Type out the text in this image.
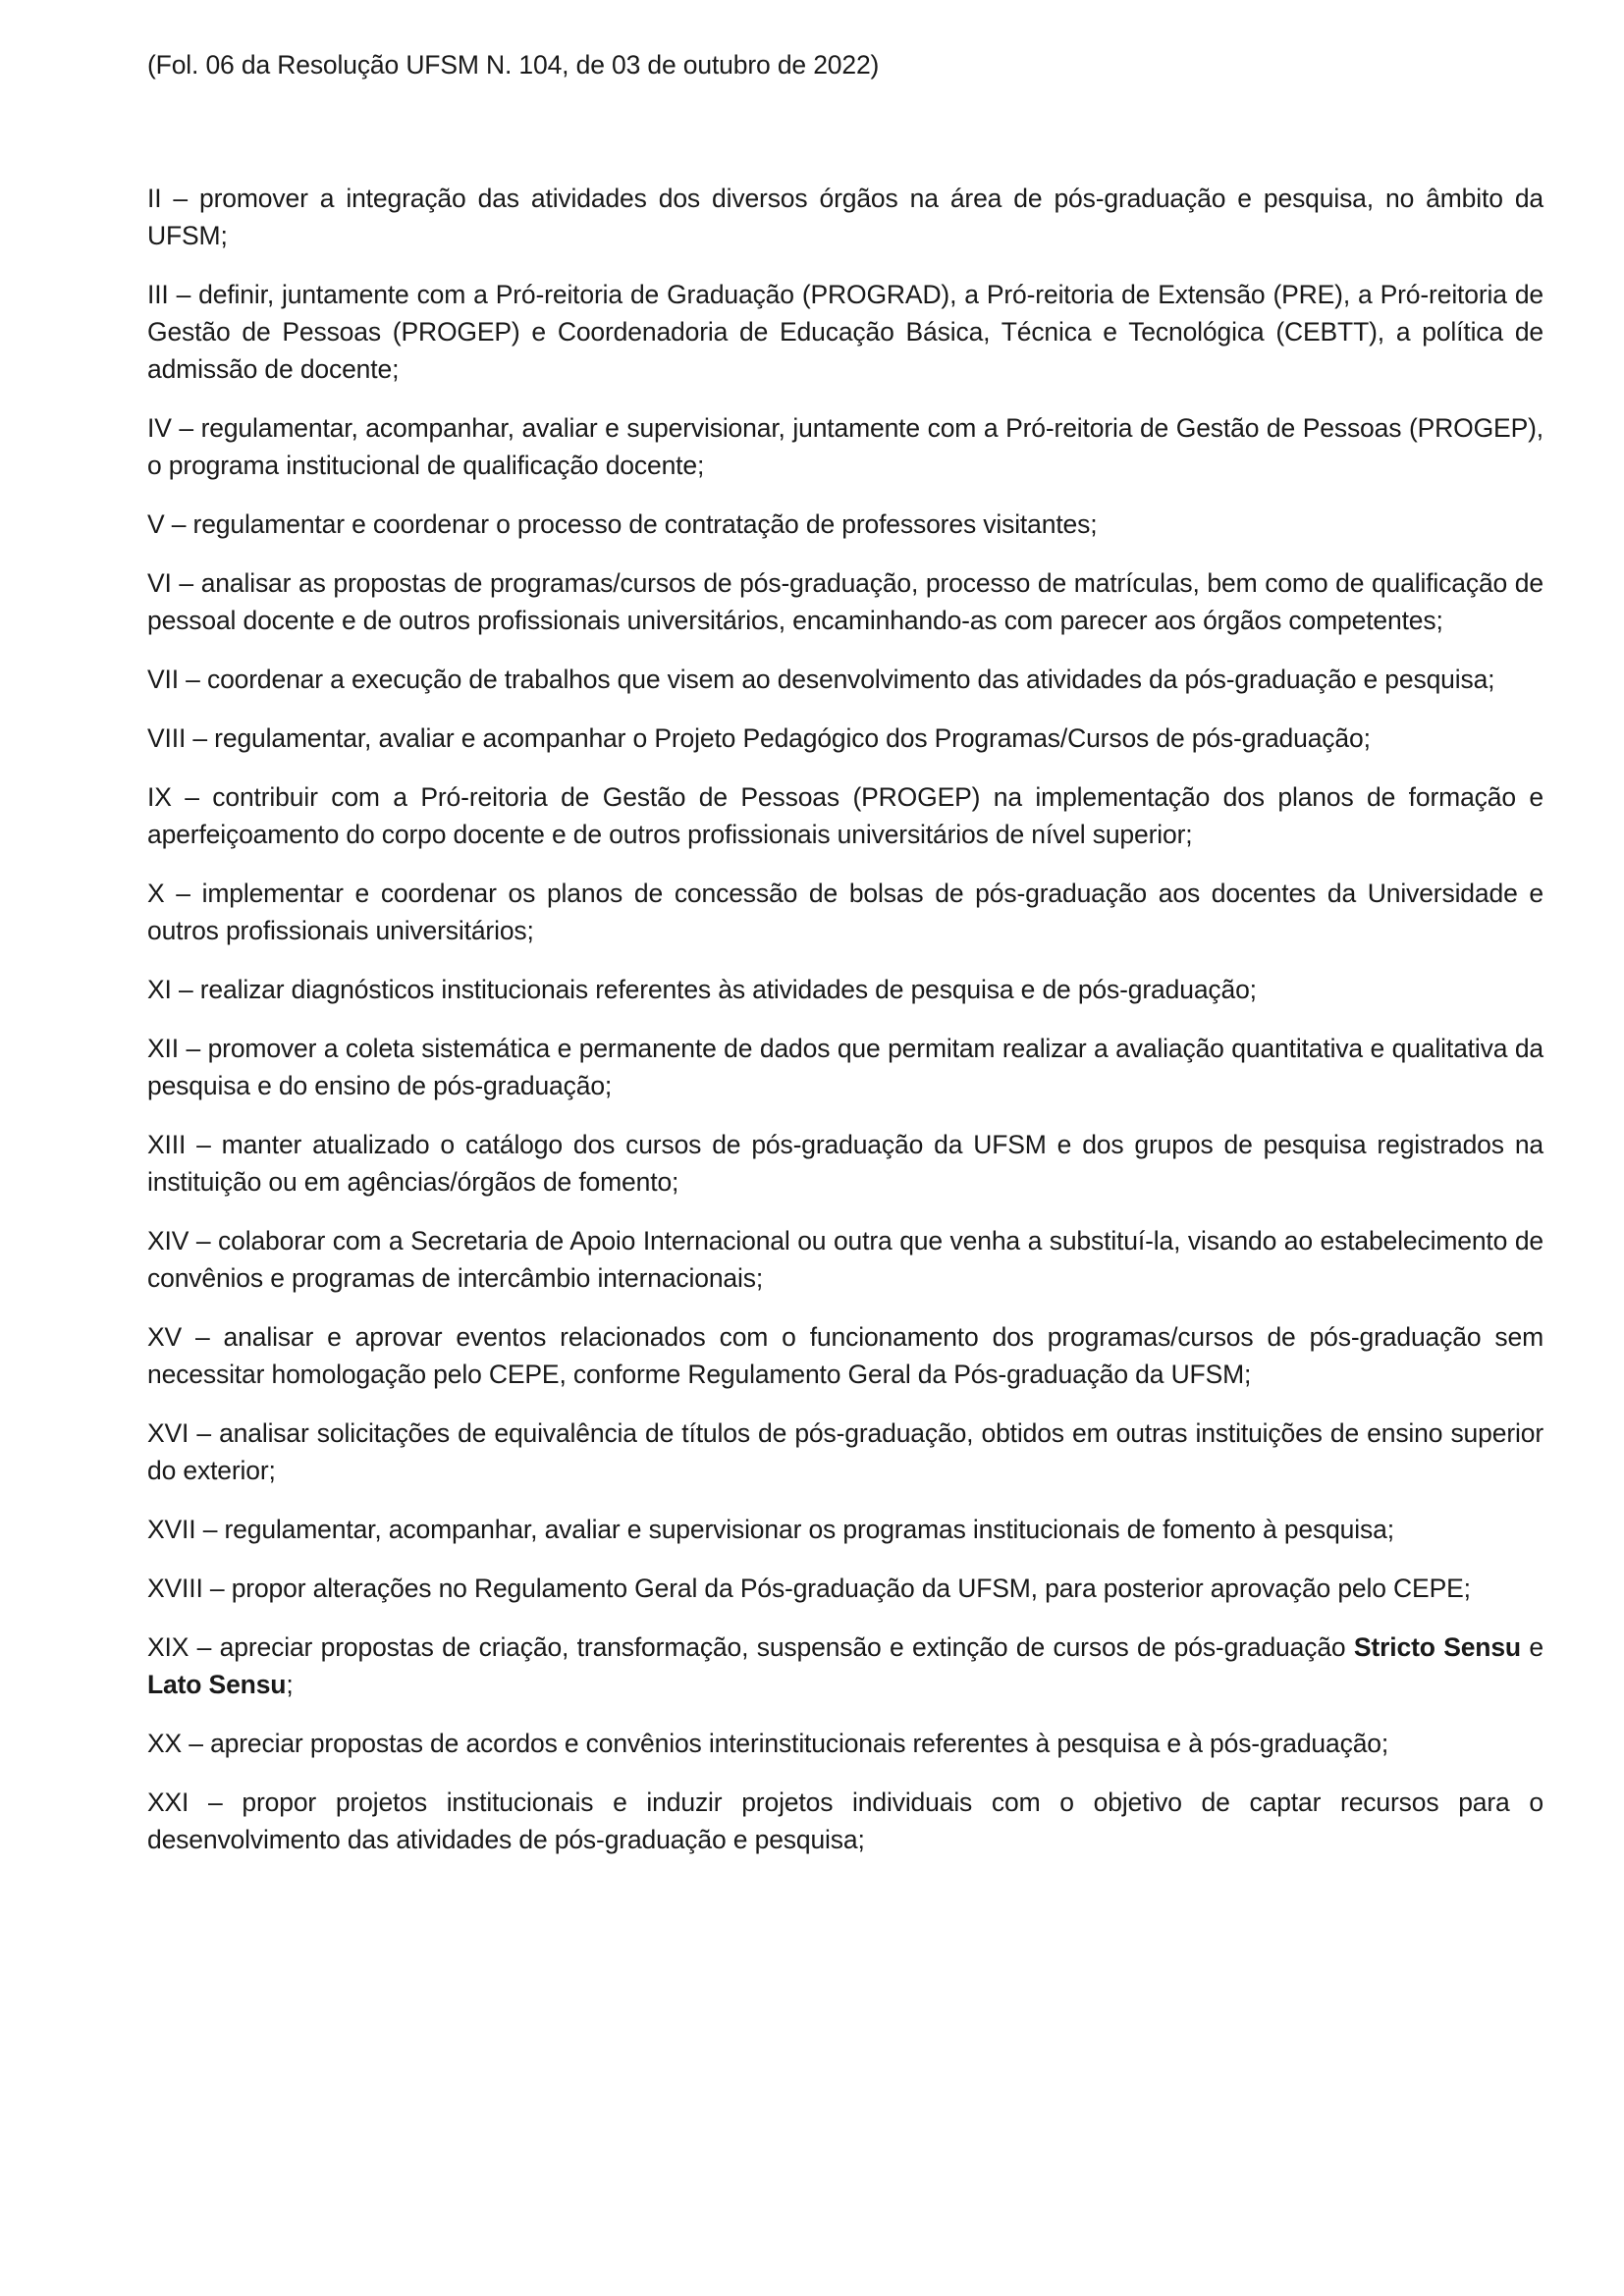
(Fol. 06 da Resolução UFSM N. 104, de 03 de outubro de 2022)

II – promover a integração das atividades dos diversos órgãos na área de pós-graduação e pesquisa, no âmbito da UFSM;

III – definir, juntamente com a Pró-reitoria de Graduação (PROGRAD), a Pró-reitoria de Extensão (PRE), a Pró-reitoria de Gestão de Pessoas (PROGEP) e Coordenadoria de Educação Básica, Técnica e Tecnológica (CEBTT), a política de admissão de docente;

IV – regulamentar, acompanhar, avaliar e supervisionar, juntamente com a Pró-reitoria de Gestão de Pessoas (PROGEP), o programa institucional de qualificação docente;

V – regulamentar e coordenar o processo de contratação de professores visitantes;

VI – analisar as propostas de programas/cursos de pós-graduação, processo de matrículas, bem como de qualificação de pessoal docente e de outros profissionais universitários, encaminhando-as com parecer aos órgãos competentes;

VII – coordenar a execução de trabalhos que visem ao desenvolvimento das atividades da pós-graduação e pesquisa;

VIII – regulamentar, avaliar e acompanhar o Projeto Pedagógico dos Programas/Cursos de pós-graduação;

IX – contribuir com a Pró-reitoria de Gestão de Pessoas (PROGEP) na implementação dos planos de formação e aperfeiçoamento do corpo docente e de outros profissionais universitários de nível superior;

X – implementar e coordenar os planos de concessão de bolsas de pós-graduação aos docentes da Universidade e outros profissionais universitários;

XI – realizar diagnósticos institucionais referentes às atividades de pesquisa e de pós-graduação;

XII – promover a coleta sistemática e permanente de dados que permitam realizar a avaliação quantitativa e qualitativa da pesquisa e do ensino de pós-graduação;

XIII – manter atualizado o catálogo dos cursos de pós-graduação da UFSM e dos grupos de pesquisa registrados na instituição ou em agências/órgãos de fomento;

XIV – colaborar com a Secretaria de Apoio Internacional ou outra que venha a substituí-la, visando ao estabelecimento de convênios e programas de intercâmbio internacionais;

XV – analisar e aprovar eventos relacionados com o funcionamento dos programas/cursos de pós-graduação sem necessitar homologação pelo CEPE, conforme Regulamento Geral da Pós-graduação da UFSM;

XVI – analisar solicitações de equivalência de títulos de pós-graduação, obtidos em outras instituições de ensino superior do exterior;

XVII – regulamentar, acompanhar, avaliar e supervisionar os programas institucionais de fomento à pesquisa;

XVIII – propor alterações no Regulamento Geral da Pós-graduação da UFSM, para posterior aprovação pelo CEPE;

XIX – apreciar propostas de criação, transformação, suspensão e extinção de cursos de pós-graduação Stricto Sensu e Lato Sensu;

XX – apreciar propostas de acordos e convênios interinstitucionais referentes à pesquisa e à pós-graduação;

XXI – propor projetos institucionais e induzir projetos individuais com o objetivo de captar recursos para o desenvolvimento das atividades de pós-graduação e pesquisa;
